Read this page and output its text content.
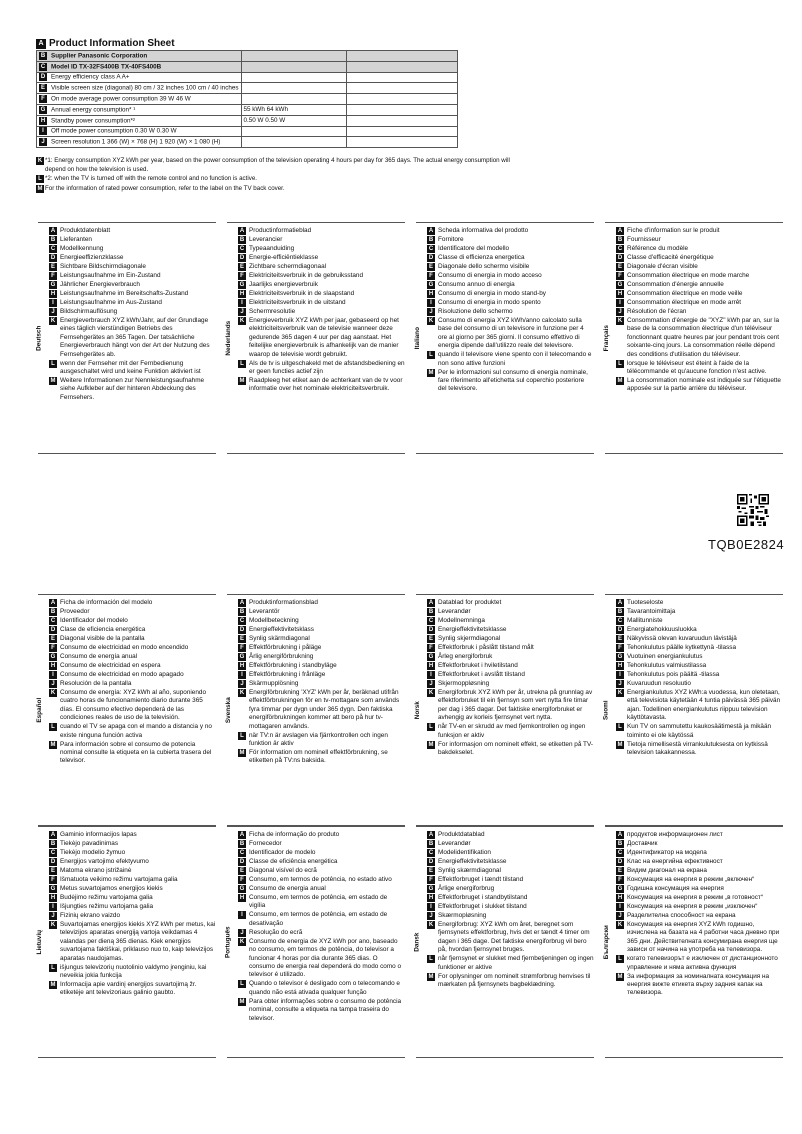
A Product Information Sheet
B Supplier Panasonic Corporation		
C Model ID TX-32FS400B TX-40FS400B		
D Energy efficiency class A A+		
E Visible screen size (diagonal) 80 cm / 32 inches 100 cm / 40 inches		
F On mode average power consumption 39 W 46 W		
G Annual energy consumption* ¹	55 kWh 64 kWh	
H Standby power consumption*²	0.50 W 0.50 W	
I Off mode power consumption 0.30 W 0.30 W		
J Screen resolution 1 366 (W) × 768 (H) 1 920 (W) × 1 080 (H)		
K *1: Energy consumption XYZ kWh per year, based on the power consumption of the television operating 4 hours per day for 365 days. The actual energy consumption will depend on how the television is used.
L *2: when the TV is turned off with the remote control and no function is active.
M For the information of rated power consumption, refer to the label on the TV back cover.
Deutsch
A Produktdatenblatt
B Lieferanten
C Modellkennung
D Energieeffizienzklasse
E Sichtbare Bildschirmdiagonale
F Leistungsaufnahme im Ein-Zustand
G Jährlicher Energieverbrauch
H Leistungsaufnahme im Bereitschafts-Zustand
I Leistungsaufnahme im Aus-Zustand
J Bildschirmauflösung
K Energieverbrauch XYZ kWh/Jahr, auf der Grundlage eines täglich vierstündigen Betriebs des Fernsehgerätes an 365 Tagen. Der tatsächliche Energieverbrauch hängt von der Art der Nutzung des Fernsehgerätes ab.
L wenn der Fernseher mit der Fernbedienung ausgeschaltet wird und keine Funktion aktiviert ist
M Weitere Informationen zur Nennleistungsaufnahme siehe Aufkleber auf der hinteren Abdeckung des Fernsehers.
Nederlands
A Productinformatieblad
B Leverancier
C Typeaanduiding
D Energie-efficiëntieklasse
E Zichtbare schermdiagonaal
F Elektriciteitsverbruik in de gebruiksstand
G Jaarlijks energieverbruik
H Elektriciteitsverbruik in de slaapstand
I Elektriciteitsverbruik in de uitstand
J Schermresolutie
K Energieverbruik XYZ kWh per jaar, gebaseerd op het elektriciteitsverbruik van de televisie wanneer deze gedurende 365 dagen 4 uur per dag aanstaat. Het feitelijke energieverbruik is afhankelijk van de manier waarop de televisie wordt gebruikt.
L Als de tv is uitgeschakeld met de afstandsbediening en er geen functies actief zijn
M Raadpleeg het etiket aan de achterkant van de tv voor informatie over het nominale elektriciteitsverbruik.
Italiano
A Scheda informativa del prodotto
B Fornitore
C Identificatore del modello
D Classe di efficienza energetica
E Diagonale dello schermo visibile
F Consumo di energia in modo acceso
G Consumo annuo di energia
H Consumo di energia in modo stand-by
I Consumo di energia in modo spento
J Risoluzione dello schermo
K Consumo di energia XYZ kWh/anno calcolato sulla base del consumo di un televisore in funzione per 4 ore al giorno per 365 giorni. Il consumo effettivo di energia dipende dall'utilizzo reale del televisore.
L quando il televisore viene spento con il telecomando e non sono attive funzioni
M Per le informazioni sul consumo di energia nominale, fare riferimento all'etichetta sul coperchio posteriore del televisore.
Français
A Fiche d'information sur le produit
B Fournisseur
C Référence du modèle
D Classe d'efficacité énergétique
E Diagonale d'écran visible
F Consommation électrique en mode marche
G Consommation d'énergie annuelle
H Consommation électrique en mode veille
I Consommation électrique en mode arrêt
J Résolution de l'écran
K Consommation d'énergie de "XYZ" kWh par an, sur la base de la consommation électrique d'un téléviseur fonctionnant quatre heures par jour pendant trois cent soixante-cinq jours. La consommation réelle dépend des conditions d'utilisation du téléviseur.
L lorsque le téléviseur est éteint à l'aide de la télécommande et qu'aucune fonction n'est active.
M La consommation nominale est indiquée sur l'étiquette apposée sur la partie arrière du téléviseur.
Español
A Ficha de información del modelo
B Proveedor
C Identificador del modelo
D Clase de eficiencia energética
E Diagonal visible de la pantalla
F Consumo de electricidad en modo encendido
G Consumo de energía anual
H Consumo de electricidad en espera
I Consumo de electricidad en modo apagado
J Resolución de la pantalla
K Consumo de energía: XYZ kWh al año, suponiendo cuatro horas de funcionamiento diario durante 365 días. El consumo efectivo dependerá de las condiciones reales de uso de la televisión.
L cuando el TV se apaga con el mando a distancia y no existe ninguna función activa
M Para información sobre el consumo de potencia nominal consulte la etiqueta en la cubierta trasera del televisor.
Svenska
A Produktinformationsblad
B Leverantör
C Modellbeteckning
D Energieffektivitetsklass
E Synlig skärmdiagonal
F Effektförbrukning i påläge
G Årlig energiförbrukning
H Effektförbrukning i standbyläge
I Effektförbrukning i frånläge
J Skärmupplösning
K Energiförbrukning 'XYZ' kWh per år, beräknad utifrån effektförbrukningen för en tv-mottagare som används fyra timmar per dygn under 365 dygn. Den faktiska energiförbrukningen kommer att bero på hur tv-mottagaren används.
L när TV:n är avslagen via fjärrkontrollen och ingen funktion är aktiv
M För information om nominell effektförbrukning, se etiketten på TV:ns baksida.
Norsk
A Datablad for produktet
B Leverandør
C Modellnemninga
D Energieffektivitetsklasse
E Synlig skjermdiagonal
F Effektforbruk i påslått tilstand målt
G Årleg energiforbruk
H Effektforbruket i hviletilstand
I Effektforbruket i avslått tilstand
J Skjermoppløsning
K Energiforbruk XYZ kWh per år, utrekna på grunnlag av effektforbruket til ein fjernsyn som vert nytta fire timar per dag i 365 dagar. Det faktiske energiforbruket er avhengig av korleis fjernsynet vert nytta.
L når TV-en er skrudd av med fjernkontrollen og ingen funksjon er aktiv
M For informasjon om nominelt effekt, se etiketten på TV-bakdekselet.
Suomi
A Tuoteseloste
B Tavarantoimittaja
C Mallitunniste
D Energiatehokkuusluokka
E Näkyvissä olevan kuvaruudun lävistäjä
F Tehonkulutus päälle kytkettynä -tilassa
G Vuotuinen energiankulutus
H Tehonkulutus valmiustilassa
I Tehonkulutus pois päältä -tilassa
J Kuvaruudun resoluutio
K Energiankulutus XYZ kWh:a vuodessa, kun oletetaan, että televisiota käytetään 4 tuntia päivässä 365 päivän ajan. Todellinen energiankulutus riippuu television käyttötavasta.
L Kun TV on sammutettu kaukosäätimestä ja mikään toiminto ei ole käytössä
M Tietoja nimellisestä virrankulutuksesta on kytkissä television takakannessa.
Lietuvių
A Gaminio informacijos lapas
B Tiekėjo pavadinimas
C Tiekėjo modelio žymuo
D Energijos vartojimo efektyvumo
E Matoma ekrano įstrižainė
F Išmatuota veikimo režimu vartojama galia
G Metus suvartojamos energijos kiekis
H Budėjimo režimu vartojama galia
I Išjungties režimu vartojama galia
J Fizinių ekrano vaizdo
K Suvartojamas energijos kiekis XYZ kWh per metus, kai televizijos aparatas energiją vartoja veikdamas 4 valandas per dieną 365 dienas. Kiek energijos suvartojama faktiškai, priklauso nuo to, kaip televizijos aparatas naudojamas.
L išjungus televizorių nuotolinio valdymo įrenginiu, kai neveikia jokia funkcija
M Informacija apie vardinį energijos suvartojimą žr. etiketėje ant televizoriaus galinio gaubto.
Português
A Ficha de informação do produto
B Fornecedor
C Identificador de modelo
D Classe de eficiência energética
E Diagonal visível do ecrã
F Consumo, em termos de potência, no estado ativo
G Consumo de energia anual
H Consumo, em termos de potência, em estado de vigília
I Consumo, em termos de potência, em estado de desativação
J Resolução do ecrã
K Consumo de energia de XYZ kWh por ano, baseado no consumo, em termos de potência, do televisor a funcionar 4 horas por dia durante 365 dias. O consumo de energia real dependerá do modo como o televisor é utilizado.
L Quando o televisor é desligado com o telecomando e quando não está ativada qualquer função
M Para obter informações sobre o consumo de potência nominal, consulte a etiqueta na tampa traseira do televisor.
Dansk
A Produktdatablad
B Leverandør
C Modelidentifikation
D Energieffektivitetsklasse
E Synlig skærmdiagonal
F Effektforbruget i tændt tilstand
G Årlige energiforbrug
H Effektforbruget i standbytilstand
I Effektforbruget i slukket tilstand
J Skærmopløsning
K Energiforbrug: XYZ kWh om året, beregnet som fjernsynets effektforbrug, hvis det er tændt 4 timer om dagen i 365 dage. Det faktiske energiforbrug vil bero på, hvordan fjernsynet bruges.
L når fjernsynet er slukket med fjernbetjeningen og ingen funktioner er aktive
M For oplysninger om nominelt strømforbrug henvises til mærkaten på fjernsynets bagbeklædning.
Български
A продуктов информационен лист
B Доставчик
C Идентификатор на модела
D Клас на енергийна ефективност
E Видим диагонал на екрана
F Консумация на енергия в режим „включен“
G Годишна консумация на енергия
H Консумация на енергия в режим „в готовност“
I Консумация на енергия в режим „изключен“
J Разделителна способност на екрана
K Консумация на енергия XYZ kWh годишно, изчислена на базата на 4 работни часа дневно при 365 дни. Действителната консумирана енергия ще зависи от начина на употреба на телевизора.
L когато телевизорът е изключен от дистанционното управление и няма активна функция
M За информация за номиналната консумация на енергия вижте етикета върху задния капак на телевизора.
TQB0E2824
